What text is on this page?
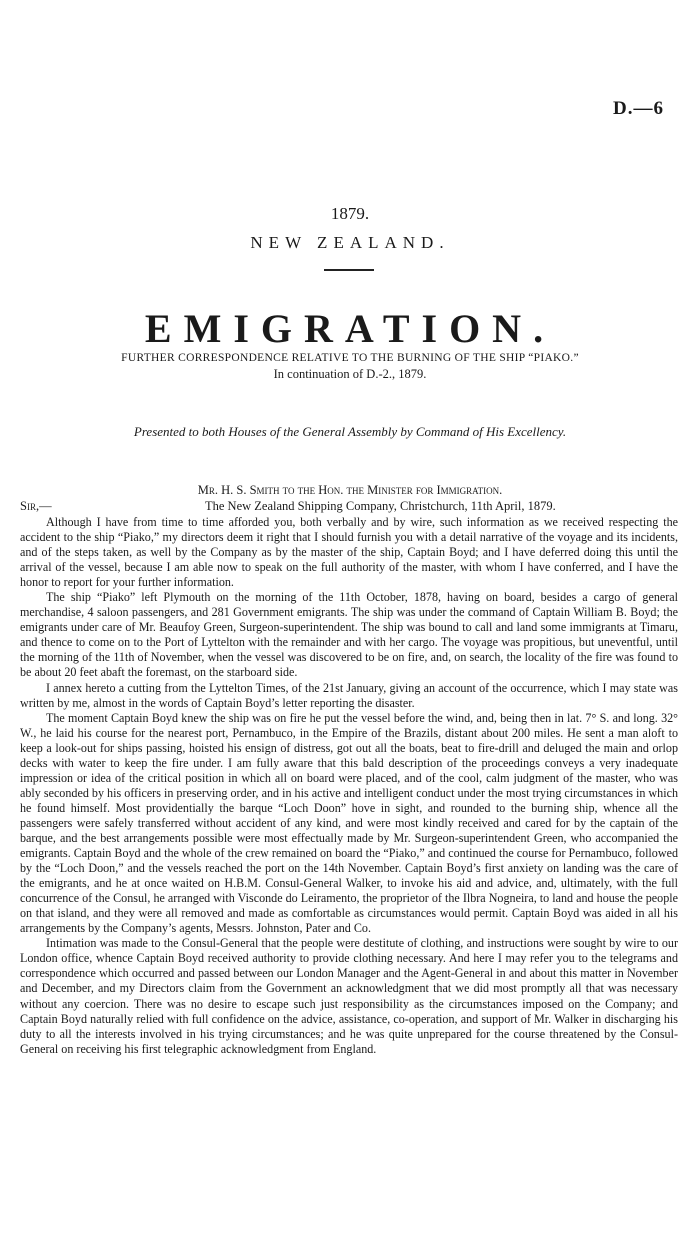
D.—6
1879.
NEW ZEALAND.
EMIGRATION.
FURTHER CORRESPONDENCE RELATIVE TO THE BURNING OF THE SHIP “PIAKO.”
In continuation of D.-2., 1879.
Presented to both Houses of the General Assembly by Command of His Excellency.
Mr. H. S. Smith to the Hon. the Minister for Immigration.
Sir,—	The New Zealand Shipping Company, Christchurch, 11th April, 1879.

Although I have from time to time afforded you, both verbally and by wire, such information as we received respecting the accident to the ship “Piako,” my directors deem it right that I should furnish you with a detail narrative of the voyage and its incidents, and of the steps taken, as well by the Company as by the master of the ship, Captain Boyd; and I have deferred doing this until the arrival of the vessel, because I am able now to speak on the full authority of the master, with whom I have conferred, and I have the honor to report for your further information.

The ship “Piako” left Plymouth on the morning of the 11th October, 1878, having on board, besides a cargo of general merchandise, 4 saloon passengers, and 281 Government emigrants. The ship was under the command of Captain William B. Boyd; the emigrants under care of Mr. Beaufoy Green, Surgeon-superintendent. The ship was bound to call and land some immigrants at Timaru, and thence to come on to the Port of Lyttelton with the remainder and with her cargo. The voyage was propitious, but uneventful, until the morning of the 11th of November, when the vessel was discovered to be on fire, and, on search, the locality of the fire was found to be about 20 feet abaft the foremast, on the starboard side.

I annex hereto a cutting from the Lyttelton Times, of the 21st January, giving an account of the occurrence, which I may state was written by me, almost in the words of Captain Boyd’s letter reporting the disaster.

The moment Captain Boyd knew the ship was on fire he put the vessel before the wind, and, being then in lat. 7° S. and long. 32° W., he laid his course for the nearest port, Pernambuco, in the Empire of the Brazils, distant about 200 miles. He sent a man aloft to keep a look-out for ships passing, hoisted his ensign of distress, got out all the boats, beat to fire-drill and deluged the main and orlop decks with water to keep the fire under. I am fully aware that this bald description of the proceedings conveys a very inadequate impression or idea of the critical position in which all on board were placed, and of the cool, calm judgment of the master, who was ably seconded by his officers in preserving order, and in his active and intelligent conduct under the most trying circumstances in which he found himself. Most providentially the barque “Loch Doon” hove in sight, and rounded to the burning ship, whence all the passengers were safely transferred without accident of any kind, and were most kindly received and cared for by the captain of the barque, and the best arrangements possible were most effectually made by Mr. Surgeon-superintendent Green, who accompanied the emigrants. Captain Boyd and the whole of the crew remained on board the “Piako,” and continued the course for Pernambuco, followed by the “Loch Doon,” and the vessels reached the port on the 14th November. Captain Boyd’s first anxiety on landing was the care of the emigrants, and he at once waited on H.B.M. Consul-General Walker, to invoke his aid and advice, and, ultimately, with the full concurrence of the Consul, he arranged with Visconde do Leiramento, the proprietor of the Ilbra Nogneira, to land and house the people on that island, and they were all removed and made as comfortable as circumstances would permit. Captain Boyd was aided in all his arrangements by the Company’s agents, Messrs. Johnston, Pater and Co.

Intimation was made to the Consul-General that the people were destitute of clothing, and instructions were sought by wire to our London office, whence Captain Boyd received authority to provide clothing necessary. And here I may refer you to the telegrams and correspondence which occurred and passed between our London Manager and the Agent-General in and about this matter in November and December, and my Directors claim from the Government an acknowledgment that we did most promptly all that was necessary without any coercion. There was no desire to escape such just responsibility as the circumstances imposed on the Company; and Captain Boyd naturally relied with full confidence on the advice, assistance, co-operation, and support of Mr. Walker in discharging his duty to all the interests involved in his trying circumstances; and he was quite unprepared for the course threatened by the Consul-General on receiving his first telegraphic acknowledgment from England.
